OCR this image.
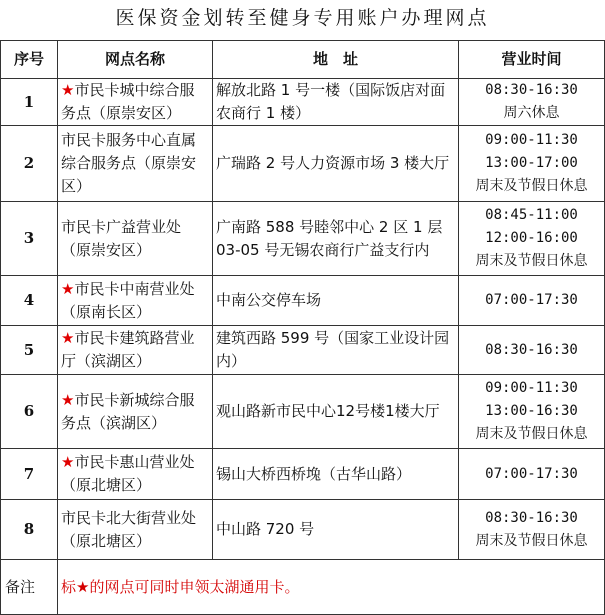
医保资金划转至健身专用账户办理网点
序号	网点名称	地　址	营业时间
1	★市民卡城中综合服务点（原崇安区）	解放北路 1 号一楼（国际饭店对面农商行 1 楼）	08:30-16:30
周六休息

2	市民卡服务中心直属综合服务点（原崇安区）	广瑞路 2 号人力资源市场 3 楼大厅	09:00-11:30
13:00-17:00
周末及节假日休息

3	市民卡广益营业处（原崇安区）	广南路 588 号睦邻中心 2 区 1 层 03-05 号无锡农商行广益支行内	08:45-11:00
12:00-16:00
周末及节假日休息

4	★市民卡中南营业处（原南长区）	中南公交停车场	07:00-17:30

5	★市民卡建筑路营业厅（滨湖区）	建筑西路 599 号（国家工业设计园内）	08:30-16:30

6	★市民卡新城综合服务点（滨湖区）	观山路新市民中心12号楼1楼大厅	09:00-11:30
13:00-16:30
周末及节假日休息

7	★市民卡惠山营业处（原北塘区）	锡山大桥西桥堍（古华山路）	07:00-17:30

8	市民卡北大街营业处（原北塘区）	中山路 720 号	08:30-16:30
周末及节假日休息

备注	标★的网点可同时申领太湖通用卡。		
